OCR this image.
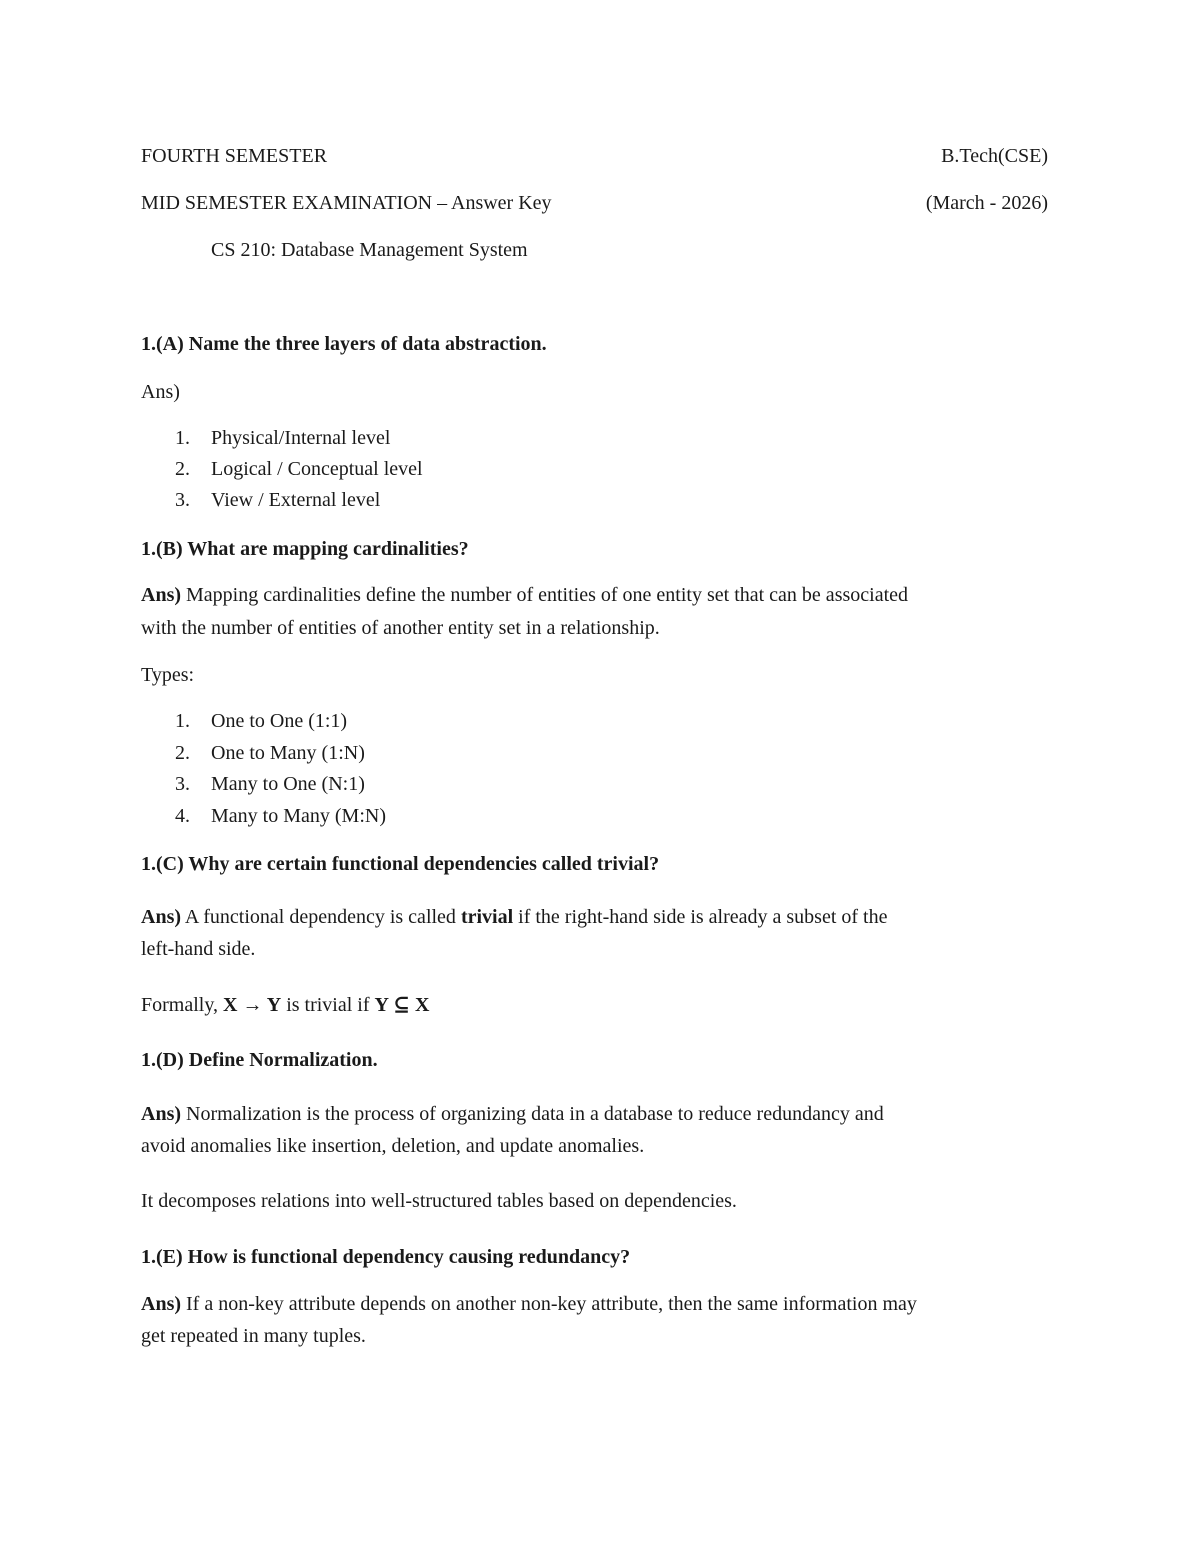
FOURTH SEMESTER	B.Tech(CSE)
MID SEMESTER EXAMINATION – Answer Key	(March - 2026)
CS 210: Database Management System
1.(A) Name the three layers of data abstraction.
Ans)
1. Physical/Internal level
2. Logical / Conceptual level
3. View / External level
1.(B) What are mapping cardinalities?
Ans) Mapping cardinalities define the number of entities of one entity set that can be associated
with the number of entities of another entity set in a relationship.
Types:
1. One to One (1:1)
2. One to Many (1:N)
3. Many to One (N:1)
4. Many to Many (M:N)
1.(C) Why are certain functional dependencies called trivial?
Ans) A functional dependency is called trivial if the right-hand side is already a subset of the
left-hand side.
Formally, X → Y is trivial if Y ⊆ X
1.(D) Define Normalization.
Ans) Normalization is the process of organizing data in a database to reduce redundancy and
avoid anomalies like insertion, deletion, and update anomalies.
It decomposes relations into well-structured tables based on dependencies.
1.(E) How is functional dependency causing redundancy?
Ans) If a non-key attribute depends on another non-key attribute, then the same information may
get repeated in many tuples.
